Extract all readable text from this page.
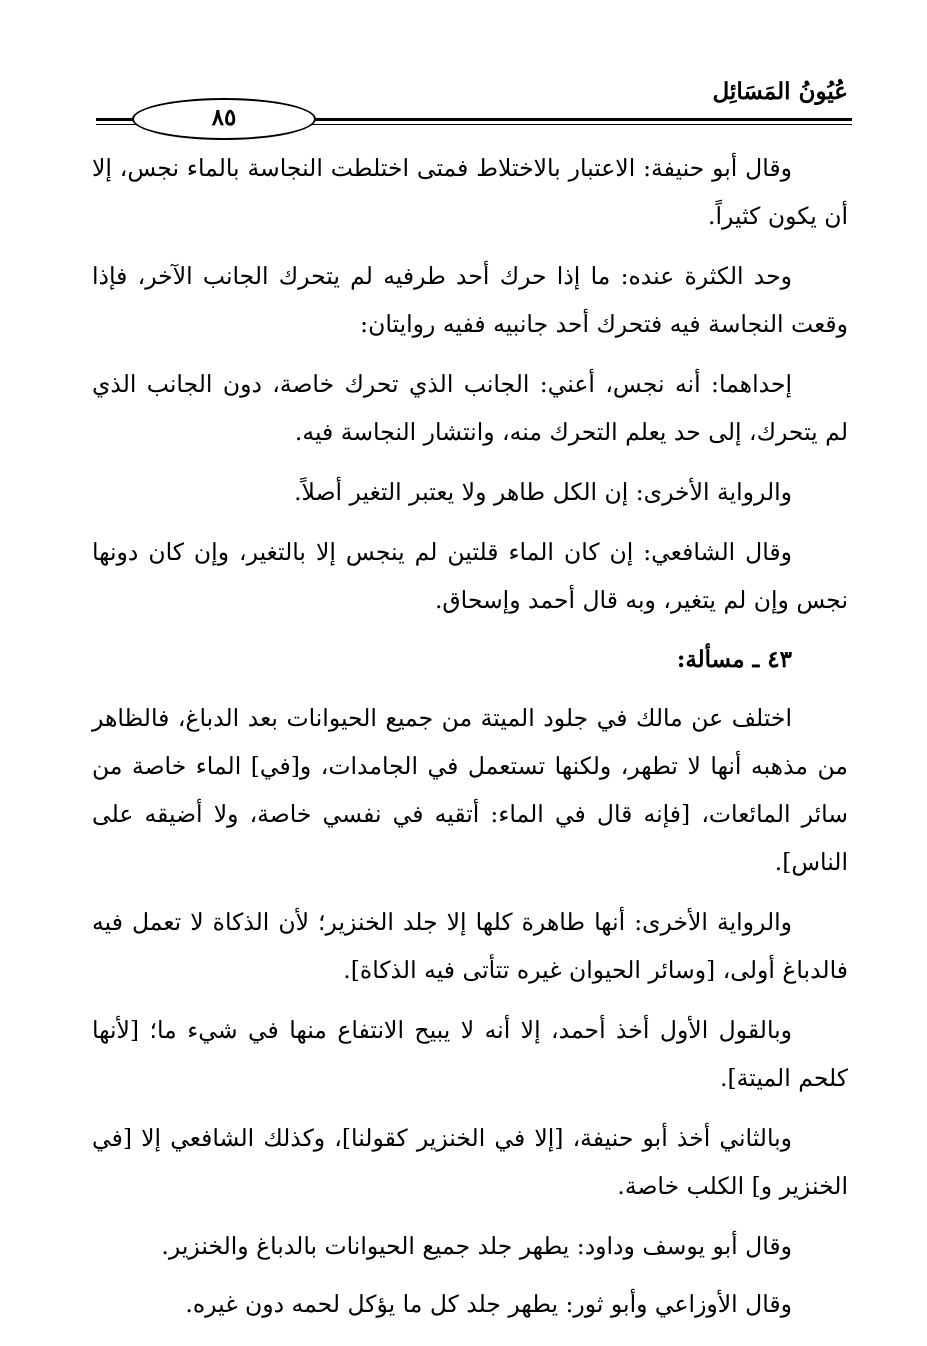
عُيُونُ المَسَائِل
٨٥

وقال أبو حنيفة: الاعتبار بالاختلاط فمتى اختلطت النجاسة بالماء نجس، إلا أن يكون كثيراً.

وحد الكثرة عنده: ما إذا حرك أحد طرفيه لم يتحرك الجانب الآخر، فإذا وقعت النجاسة فيه فتحرك أحد جانبيه ففيه روايتان:

إحداهما: أنه نجس، أعني: الجانب الذي تحرك خاصة، دون الجانب الذي لم يتحرك، إلى حد يعلم التحرك منه، وانتشار النجاسة فيه.

والرواية الأخرى: إن الكل طاهر ولا يعتبر التغير أصلاً.

وقال الشافعي: إن كان الماء قلتين لم ينجس إلا بالتغير، وإن كان دونها نجس وإن لم يتغير، وبه قال أحمد وإسحاق.

٤٣ ـ مسألة:

اختلف عن مالك في جلود الميتة من جميع الحيوانات بعد الدباغ، فالظاهر من مذهبه أنها لا تطهر، ولكنها تستعمل في الجامدات، و[في] الماء خاصة من سائر المائعات، [فإنه قال في الماء: أتقيه في نفسي خاصة، ولا أضيقه على الناس].

والرواية الأخرى: أنها طاهرة كلها إلا جلد الخنزير؛ لأن الذكاة لا تعمل فيه فالدباغ أولى، [وسائر الحيوان غيره تتأتى فيه الذكاة].

وبالقول الأول أخذ أحمد، إلا أنه لا يبيح الانتفاع منها في شيء ما؛ [لأنها كلحم الميتة].

وبالثاني أخذ أبو حنيفة، [إلا في الخنزير كقولنا]، وكذلك الشافعي إلا [في الخنزير و] الكلب خاصة.

وقال أبو يوسف وداود: يطهر جلد جميع الحيوانات بالدباغ والخنزير.

وقال الأوزاعي وأبو ثور: يطهر جلد كل ما يؤكل لحمه دون غيره.
